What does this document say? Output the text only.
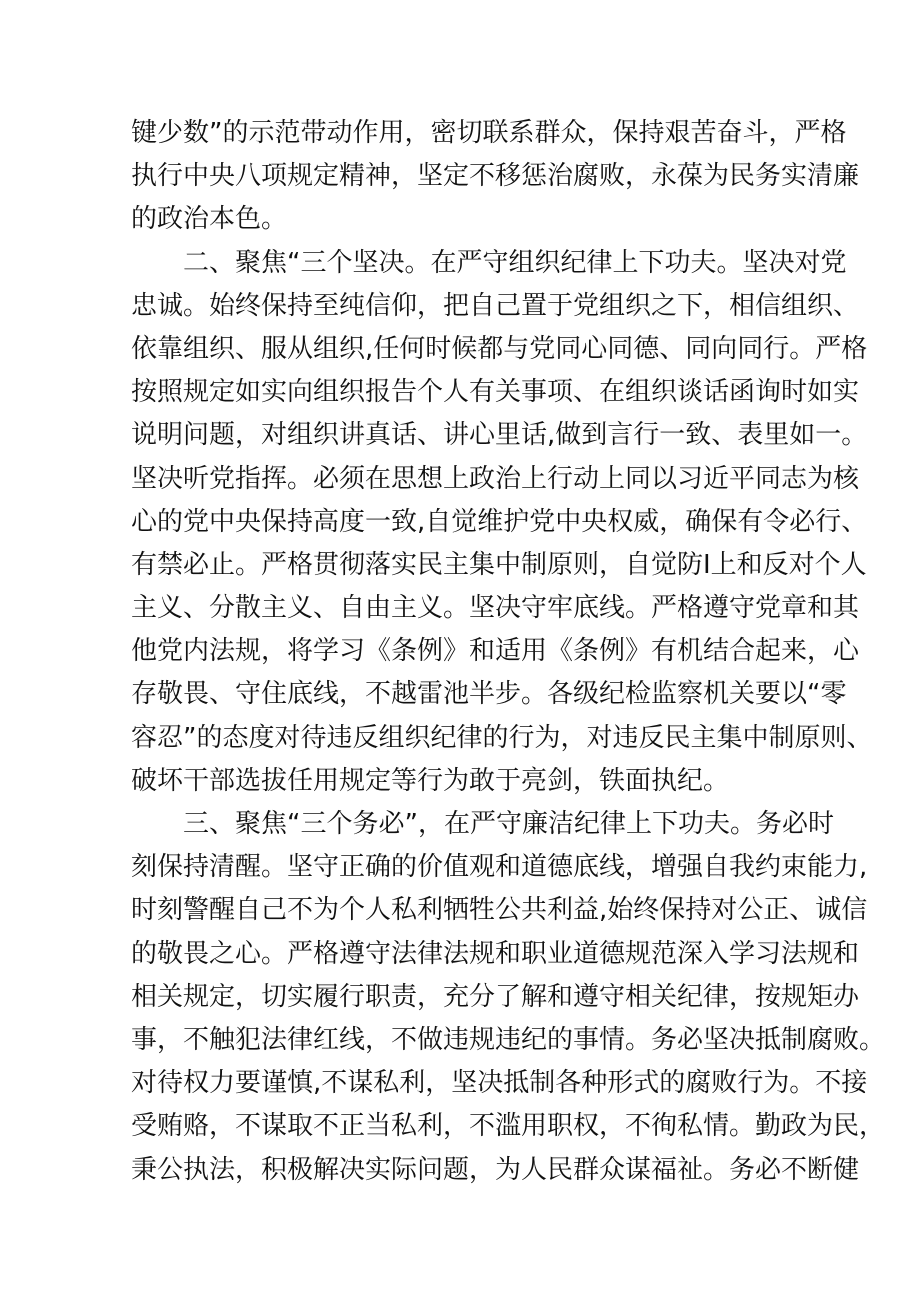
键少数”的示范带动作用，密切联系群众，保持艰苦奋斗，严格
执行中央八项规定精神，坚定不移惩治腐败，永葆为民务实清廉
的政治本色。
二、聚焦“三个坚决。在严守组织纪律上下功夫。坚决对党
忠诚。始终保持至纯信仰，把自己置于党组织之下，相信组织、
依靠组织、服从组织,任何时候都与党同心同德、同向同行。严格
按照规定如实向组织报告个人有关事项、在组织谈话函询时如实
说明问题，对组织讲真话、讲心里话,做到言行一致、表里如一。
坚决听党指挥。必须在思想上政治上行动上同以习近平同志为核
心的党中央保持高度一致,自觉维护党中央权威，确保有令必行、
有禁必止。严格贯彻落实民主集中制原则，自觉防I上和反对个人
主义、分散主义、自由主义。坚决守牢底线。严格遵守党章和其
他党内法规，将学习《条例》和适用《条例》有机结合起来，心
存敬畏、守住底线，不越雷池半步。各级纪检监察机关要以“零
容忍”的态度对待违反组织纪律的行为，对违反民主集中制原则、
破坏干部选拔任用规定等行为敢于亮剑，铁面执纪。
三、聚焦“三个务必”，在严守廉洁纪律上下功夫。务必时
刻保持清醒。坚守正确的价值观和道德底线，增强自我约束能力,
时刻警醒自己不为个人私利牺牲公共利益,始终保持对公正、诚信
的敬畏之心。严格遵守法律法规和职业道德规范深入学习法规和
相关规定，切实履行职责，充分了解和遵守相关纪律，按规矩办
事，不触犯法律红线，不做违规违纪的事情。务必坚决抵制腐败。
对待权力要谨慎,不谋私利，坚决抵制各种形式的腐败行为。不接
受贿赂，不谋取不正当私利，不滥用职权，不徇私情。勤政为民，
秉公执法，积极解决实际问题，为人民群众谋福祉。务必不断健
